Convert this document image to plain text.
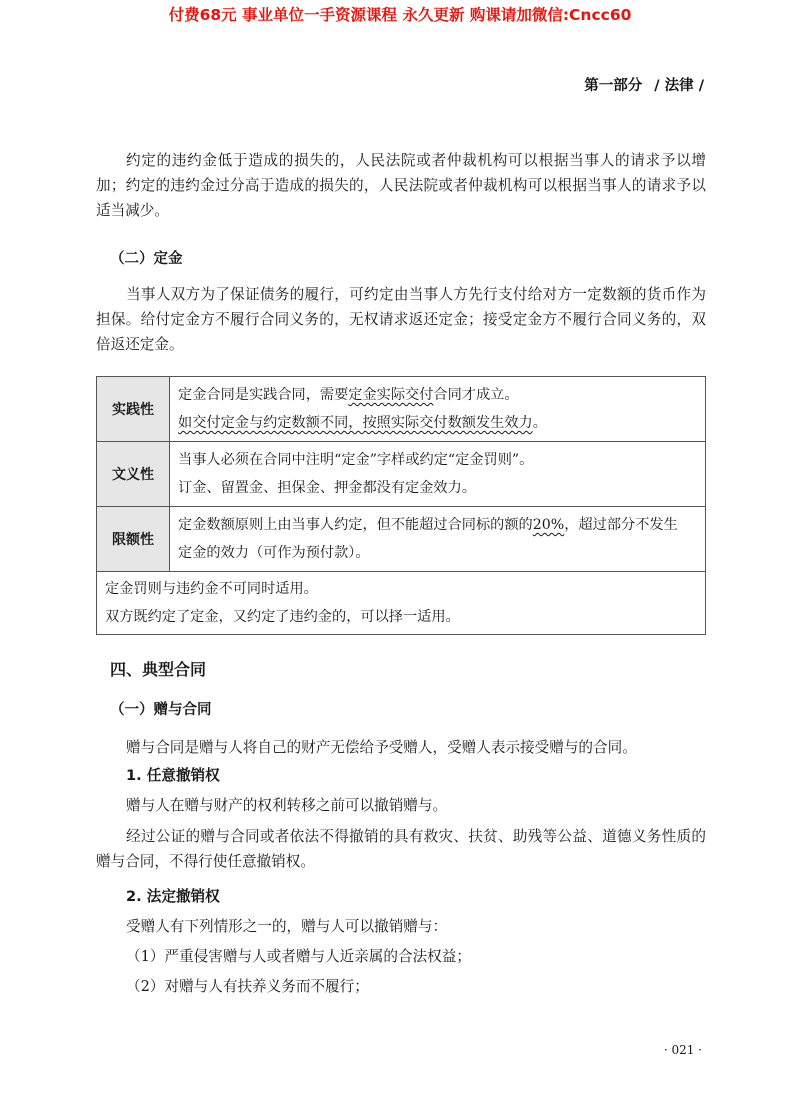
付费68元 事业单位一手资源课程 永久更新 购课请加微信:Cncc60
第一部分 / 法律 /
约定的违约金低于造成的损失的，人民法院或者仲裁机构可以根据当事人的请求予以增加；约定的违约金过分高于造成的损失的，人民法院或者仲裁机构可以根据当事人的请求予以适当减少。
（二）定金
当事人双方为了保证债务的履行，可约定由当事人方先行支付给对方一定数额的货币作为担保。给付定金方不履行合同义务的，无权请求返还定金；接受定金方不履行合同义务的，双倍返还定金。
实践性	定金合同是实践合同，需要定金实际交付合同才成立。
如交付定金与约定数额不同，按照实际交付数额发生效力。

文义性	当事人必须在合同中注明“定金”字样或约定“定金罚则”。
订金、留置金、担保金、押金都没有定金效力。

限额性	定金数额原则上由当事人约定，但不能超过合同标的额的20%，超过部分不发生
定金的效力（可作为预付款）。

定金罚则与违约金不可同时适用。
双方既约定了定金，又约定了违约金的，可以择一适用。	
四、典型合同
（一）赠与合同
赠与合同是赠与人将自己的财产无偿给予受赠人，受赠人表示接受赠与的合同。
1. 任意撤销权
赠与人在赠与财产的权利转移之前可以撤销赠与。
经过公证的赠与合同或者依法不得撤销的具有救灾、扶贫、助残等公益、道德义务性质的赠与合同，不得行使任意撤销权。
2. 法定撤销权
受赠人有下列情形之一的，赠与人可以撤销赠与：
（1）严重侵害赠与人或者赠与人近亲属的合法权益；
（2）对赠与人有扶养义务而不履行；
· 021 ·
